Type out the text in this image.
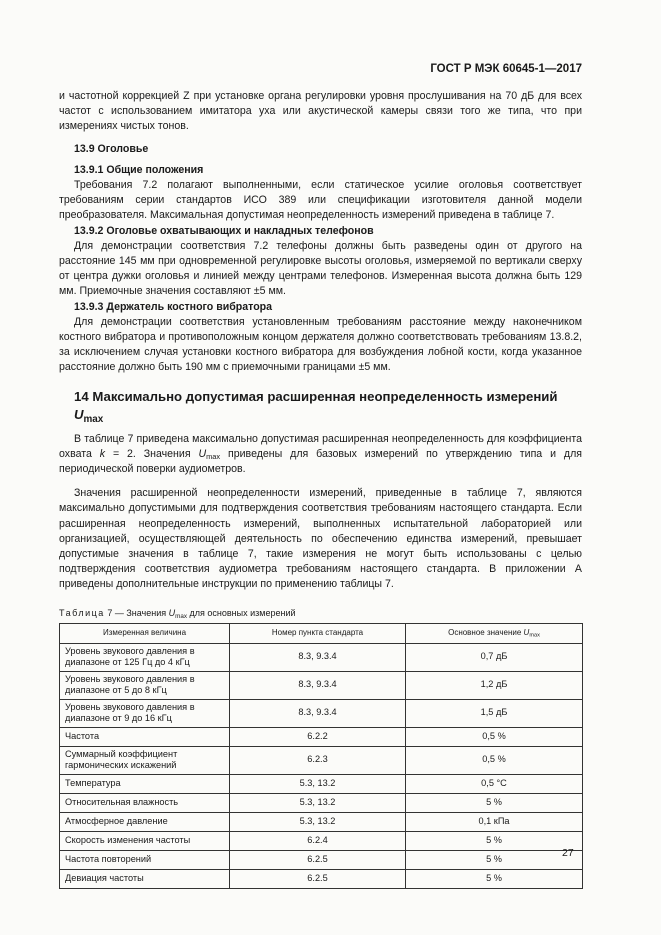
ГОСТ Р МЭК 60645-1—2017

и частотной коррекцией Z при установке органа регулировки уровня прослушивания на 70 дБ для всех частот с использованием имитатора уха или акустической камеры связи того же типа, что при измерениях чистых тонов.

13.9 Оголовье
13.9.1 Общие положения

Требования 7.2 полагают выполненными, если статическое усилие оголовья соответствует требованиям серии стандартов ИСО 389 или спецификации изготовителя данной модели преобразователя. Максимальная допустимая неопределенность измерений приведена в таблице 7.

13.9.2 Оголовье охватывающих и накладных телефонов

Для демонстрации соответствия 7.2 телефоны должны быть разведены один от другого на расстояние 145 мм при одновременной регулировке высоты оголовья, измеряемой по вертикали сверху от центра дужки оголовья и линией между центрами телефонов. Измеренная высота должна быть 129 мм. Приемочные значения составляют ±5 мм.

13.9.3 Держатель костного вибратора

Для демонстрации соответствия установленным требованиям расстояние между наконечником костного вибратора и противоположным концом держателя должно соответствовать требованиям 13.8.2, за исключением случая установки костного вибратора для возбуждения лобной кости, когда указанное расстояние должно быть 190 мм с приемочными границами ±5 мм.

14 Максимально допустимая расширенная неопределенность измерений $U_{max}$

В таблице 7 приведена максимально допустимая расширенная неопределенность для коэффициента охвата k = 2. Значения $U_{max}$ приведены для базовых измерений по утверждению типа и для периодической поверки аудиометров.

Значения расширенной неопределенности измерений, приведенные в таблице 7, являются максимально допустимыми для подтверждения соответствия требованиям настоящего стандарта. Если расширенная неопределенность измерений, выполненных испытательной лабораторией или организацией, осуществляющей деятельность по обеспечению единства измерений, превышает допустимые значения в таблице 7, такие измерения не могут быть использованы с целью подтверждения соответствия аудиометра требованиям настоящего стандарта. В приложении А приведены дополнительные инструкции по применению таблицы 7.

Таблица 7 — Значения $U_{max}$ для основных измерений
Измеренная величина	Номер пункта стандарта	Основное значение $U_{max}$
Уровень звукового давления в диапазоне от 125 Гц до 4 кГц	8.3, 9.3.4	0,7 дБ
Уровень звукового давления в диапазоне от 5 до 8 кГц	8.3, 9.3.4	1,2 дБ
Уровень звукового давления в диапазоне от 9 до 16 кГц	8.3, 9.3.4	1,5 дБ
Частота	6.2.2	0,5 %
Суммарный коэффициент гармонических искажений	6.2.3	0,5 %
Температура	5.3, 13.2	0,5 °С
Относительная влажность	5.3, 13.2	5 %
Атмосферное давление	5.3, 13.2	0,1 кПа
Скорость изменения частоты	6.2.4	5 %
Частота повторений	6.2.5	5 %
Девиация частоты	6.2.5	5 %
27
